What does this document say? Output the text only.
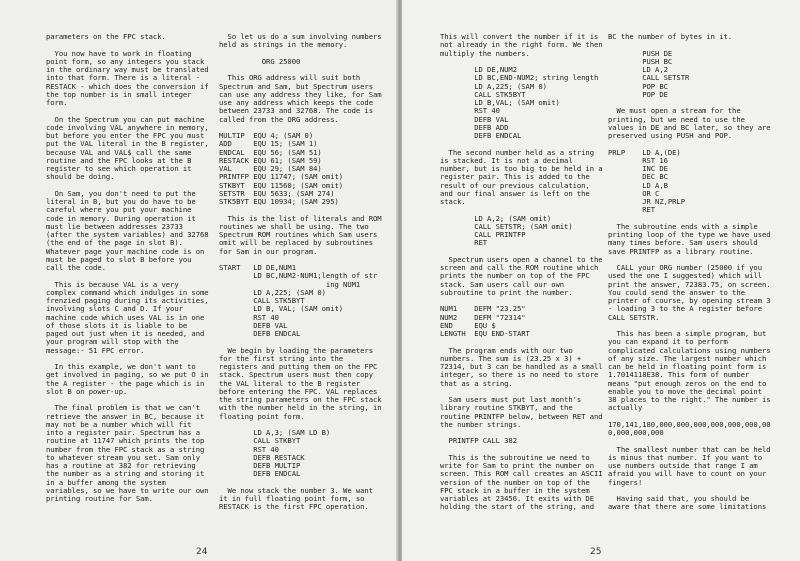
parameters on the FPC stack.
You now have to work in floating
point form, so any integers you stack
in the ordinary way must be translated
into that form. There is a literal -
RESTACK - which does the conversion if
the top number is in small integer
form.
On the Spectrum you can put machine
code involving VAL anywhere in memory,
but before you enter the FPC you must
put the VAL literal in the B register,
because VAL and VAL$ call the same
routine and the FPC looks at the B
register to see which operation it
should be doing.
On Sam, you don't need to put the
literal in B, but you do have to be
careful where you put your machine
code in memory. During operation it
must lie between addresses 23733
(after the system variables) and 32768
(the end of the page in slot B).
Whatever page your machine code is on
must be paged to slot B before you
call the code.
This is because VAL is a very
complex command which indulges in some
frenzied paging during its activities,
involving slots C and D. If your
machine code which uses VAL is in one
of those slots it is liable to be
paged out just when it is needed, and
your program will stop with the
message:- 51 FPC error.
In this example, we don't want to
get involved in paging, so we put O in
the A register - the page which is in
slot B on power-up.
The final problem is that we can't
retrieve the answer in BC, because it
may not be a number which will fit
into a register pair. Spectrum has a
routine at 11747 which prints the top
number from the FPC stack as a string
to whatever stream you set. Sam only
has a routine at 382 for retrieving
the number as a string and storing it
in a buffer among the system
variables, so we have to write our own
printing routine for Sam.
So let us do a sum involving numbers
held as strings in the memory.
ORG 25000
This ORG address will suit both
Spectrum and Sam, but Spectrum users
can use any address they like, for Sam
use any address which keeps the code
between 23733 and 32768. The code is
called from the ORG address.
MULTIP  EQU 4; (SAM 0)
ADD     EQU 15; (SAM 1)
ENDCAL  EQU 56; (SAM 51)
RESTACK EQU 61; (SAM 59)
VAL     EQU 29; (SAM 84)
PRINTFP EQU 11747; (SAM omit)
STKBYT  EQU 11560; (SAM omit)
SETSTR  EQU 5633; (SAM 274)
STK5BYT EQU 10934; (SAM 295)
This is the list of literals and ROM
routines we shall be using. The two
Spectrum ROM routines which Sam users
omit will be replaced by subroutines
for Sam in our program.
START   LD DE,NUM1
LD BC,NUM2-NUM1;length of str
ing NUM1
LD A,225; (SAM 0)
CALL STK5BYT
LD B, VAL; (SAM omit)
RST 40
DEFB VAL
DEFB ENDCAL
We begin by loading the parameters
for the first string into the
registers and putting them on the FPC
stack. Spectrum users must then copy
the VAL literal to the B register
before entering the FPC. VAL replaces
the string parameters on the FPC stack
with the number held in the string, in
floating point form.
LD A,3; (SAM LD B)
CALL STKBYT
RST 40
DEFB RESTACK
DEFB MULTIP
DEFB ENDCAL
We now stack the number 3. We want
it in full floating point form, so
RESTACK is the first FPC operation.
24
This will convert the number if it is
not already in the right form. We then
multiply the numbers.
LD DE,NUM2
LD BC,END-NUM2; string length
LD A,225; (SAM 0)
CALL STK5BYT
LD B,VAL; (SAM omit)
RST 40
DEFB VAL
DEFB ADD
DEFB ENDCAL
The second number held as a string
is stacked. It is not a decimal
number, but is too big to be held in a
register pair. This is added to the
result of our previous calculation,
and our final answer is left on the
stack.
LD A,2; (SAM omit)
CALL SETSTR; (SAM omit)
CALL PRINTFP
RET
Spectrum users open a channel to the
screen and call the ROM routine which
prints the number on top of the FPC
stack. Sam users call our own
subroutine to print the number.
NUM1    DEFM "23.25"
NUM2    DEFM "72314"
END     EQU $
LENGTH  EQU END-START
The program ends with our two
numbers. The sum is (23.25 x 3) +
72314, but 3 can be handled as a small
integer, so there is no need to store
that as a string.
Sam users must put last month's
library routine STKBYT, and the
routine PRINTFP below, between RET and
the number strings.
PRINTFP CALL 382
This is the subroutine we need to
write for Sam to print the number on
screen. This ROM call creates an ASCII
version of the number on top of the
FPC stack in a buffer in the system
variables at 23456. It exits with DE
holding the start of the string, and
BC the number of bytes in it.
PUSH DE
PUSH BC
LD A,2
CALL SETSTR
POP BC
POP DE
We must open a stream for the
printing, but we need to use the
values in DE and BC later, so they are
preserved using PUSH and POP.
PRLP    LD A,(DE)
RST 16
INC DE
DEC BC
LD A,B
OR C
JR NZ,PRLP
RET
The subroutine ends with a simple
printing loop of the type we have used
many times before. Sam users should
save PRINTFP as a library routine.
CALL your ORG number (25000 if you
used the one I suggested) which will
print the answer, 72383.75, on screen.
You could send the answer to the
printer of course, by opening stream 3
- loading 3 to the A register before
CALL SETSTR.
This has been a simple program, but
you can expand it to perform
complicated calculations using numbers
of any size. The largest number which
can be held in floating point form is
1.7014118E38. This form of number
means "put enough zeros on the end to
enable you to move the decimal point
38 places to the right." The number is
actually
170,141,180,000,000,000,000,000,000,00
0,000,000,000
The smallest number that can be held
is minus that number. If you want to
use numbers outside that range I am
afraid you will have to count on your
fingers!
Having said that, you should be
aware that there are some limitations
25
